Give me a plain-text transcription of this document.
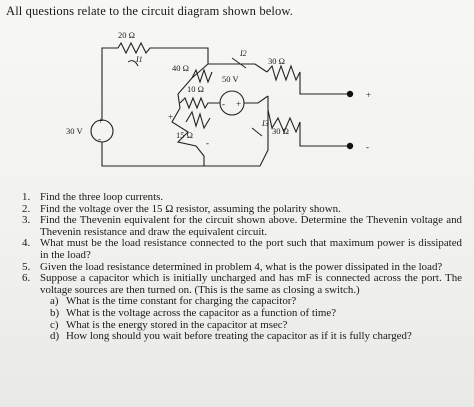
All questions relate to the circuit diagram shown below.
20 Ω
I1
40 Ω
I2
30 Ω
50 V
10 Ω
- +
+
I3
15 Ω
-
30 Ω
+
-
30 V
+
-
1. Find the three loop currents.
2. Find the voltage over the 15 Ω resistor, assuming the polarity shown.
3. Find the Thevenin equivalent for the circuit shown above. Determine the Thevenin voltage and Thevenin resistance and draw the equivalent circuit.
4. What must be the load resistance connected to the port such that maximum power is dissipated in the load?
5. Given the load resistance determined in problem 4, what is the power dissipated in the load?
6. Suppose a capacitor which is initially uncharged and has mF is connected across the port. The voltage sources are then turned on. (This is the same as closing a switch.)
a) What is the time constant for charging the capacitor?
b) What is the voltage across the capacitor as a function of time?
c) What is the energy stored in the capacitor at msec?
d) How long should you wait before treating the capacitor as if it is fully charged?
